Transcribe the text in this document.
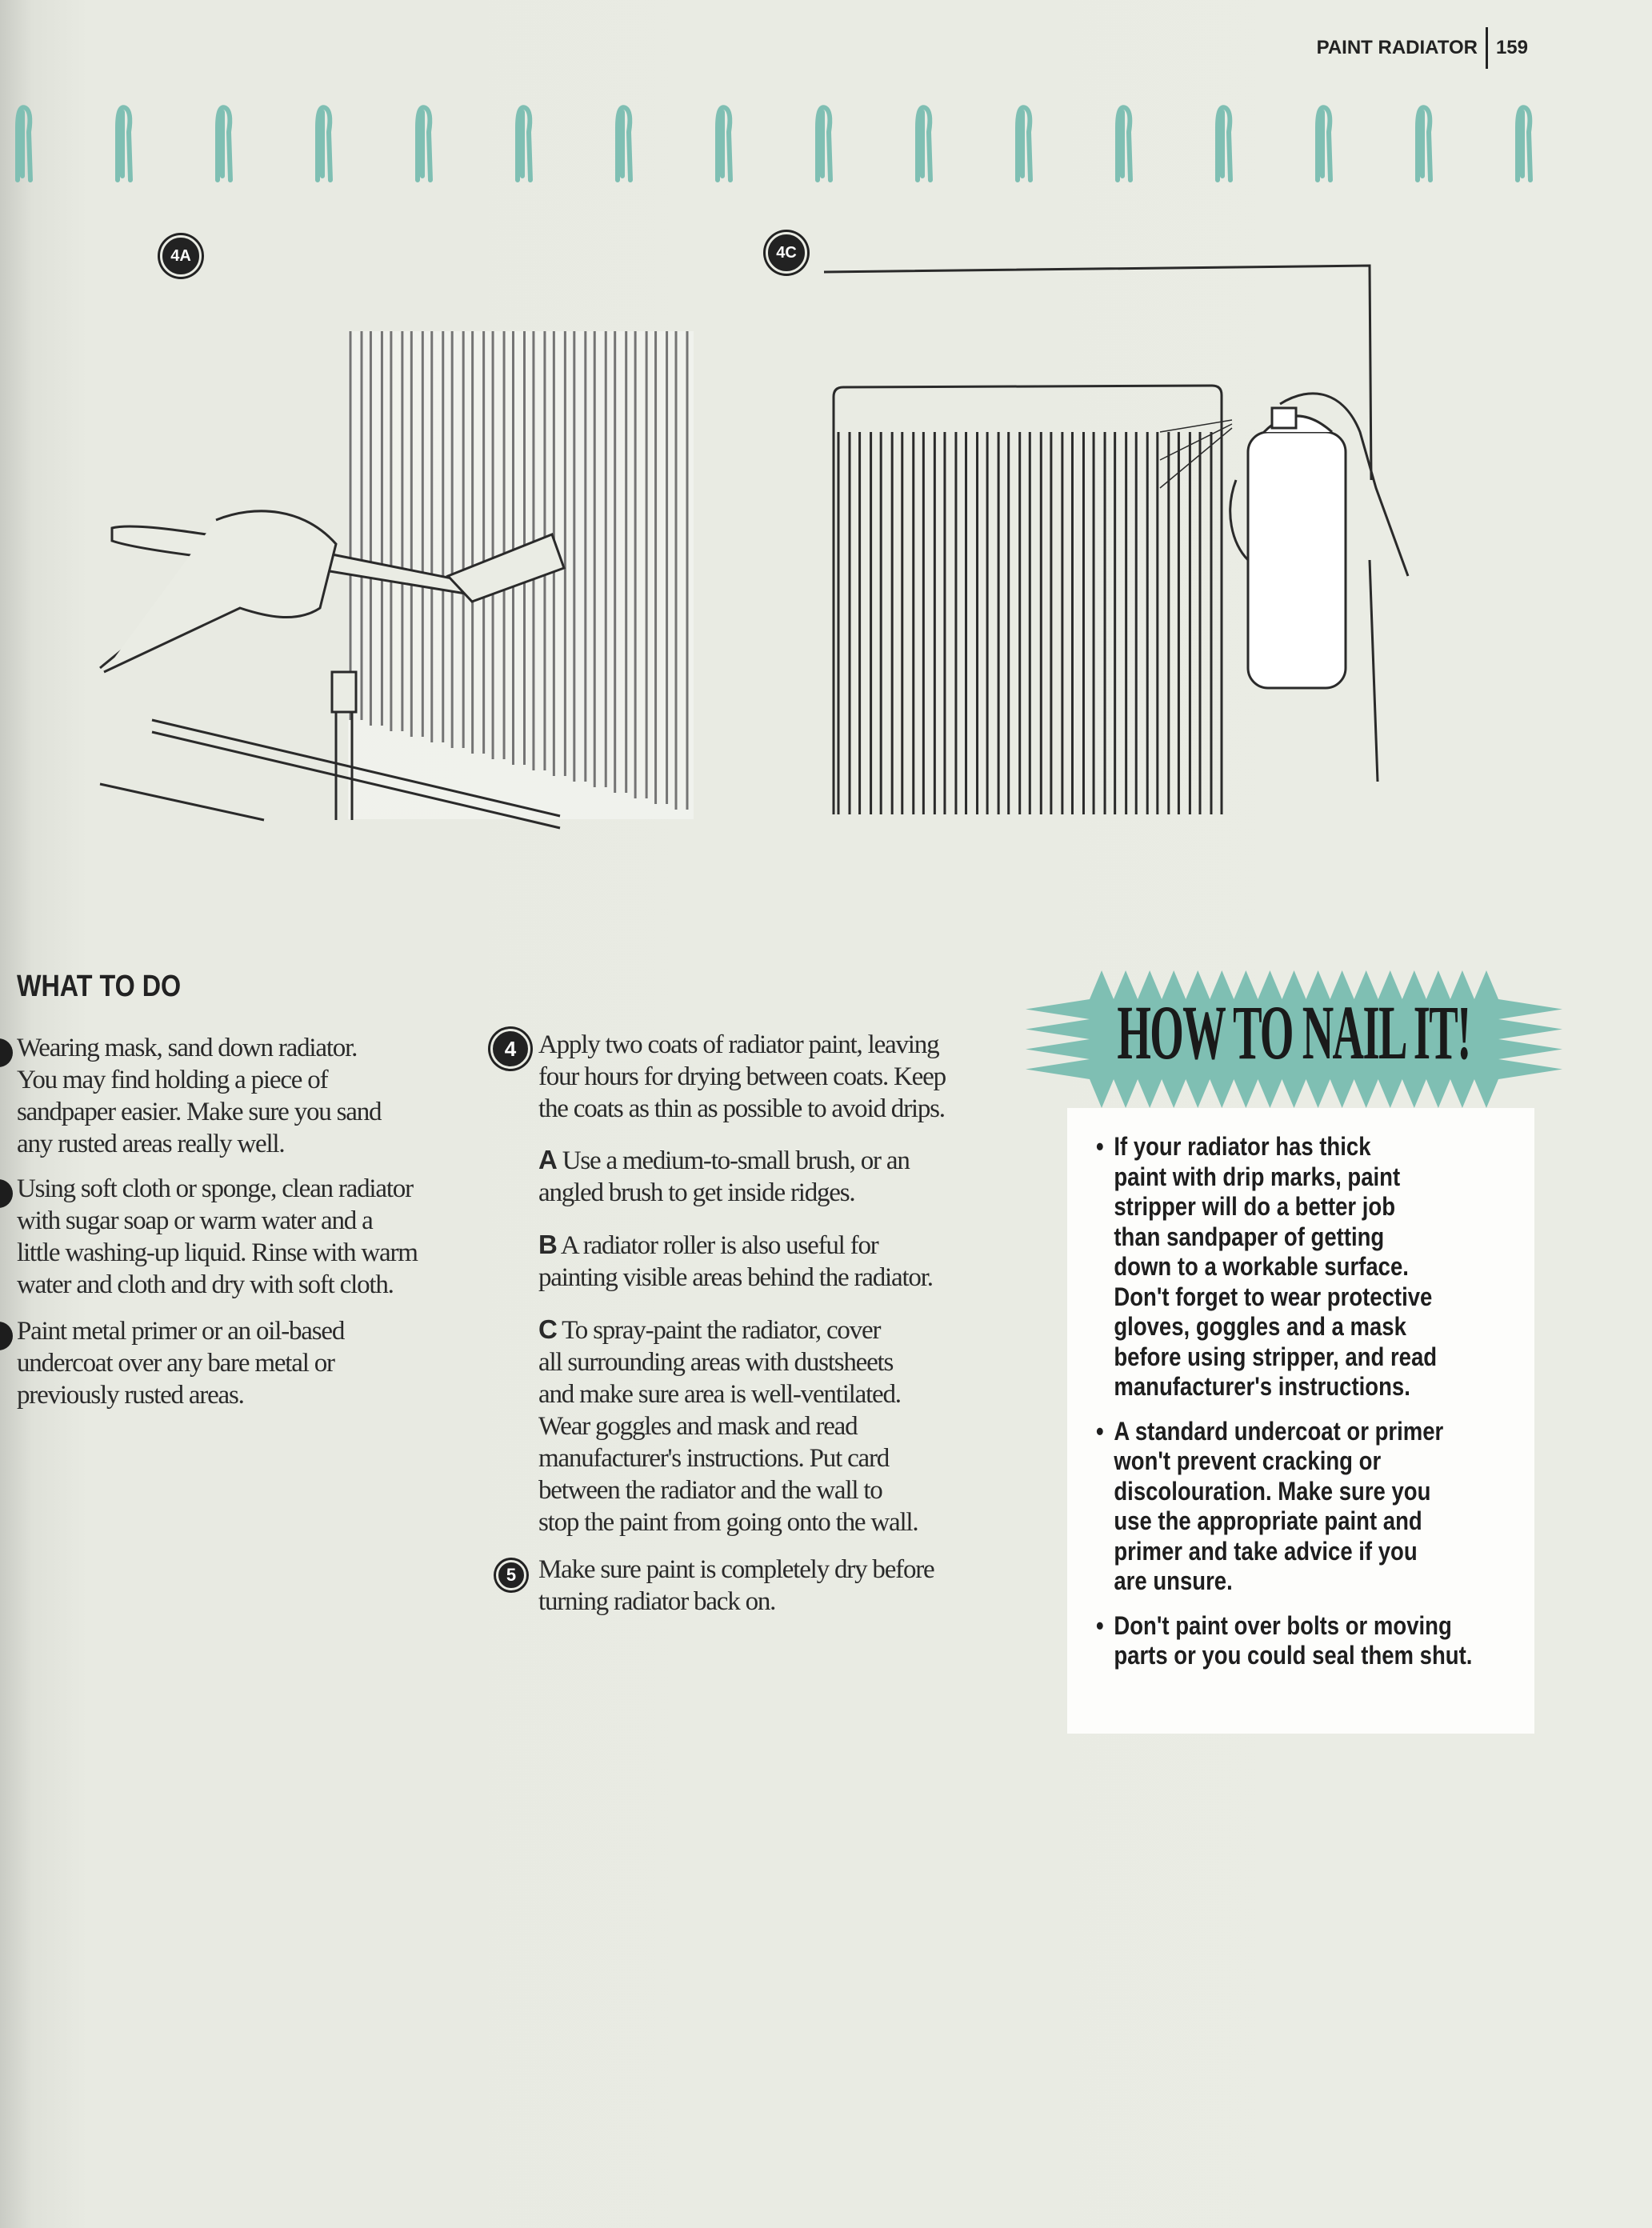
PAINT RADIATOR 159
4A	4C
WHAT TO DO
Wearing mask, sand down radiator.
You may find holding a piece of
sandpaper easier. Make sure you sand
any rusted areas really well.
Using soft cloth or sponge, clean radiator
with sugar soap or warm water and a
little washing-up liquid. Rinse with warm
water and cloth and dry with soft cloth.
Paint metal primer or an oil-based
undercoat over any bare metal or
previously rusted areas.
4 Apply two coats of radiator paint, leaving
four hours for drying between coats. Keep
the coats as thin as possible to avoid drips.
A Use a medium-to-small brush, or an
angled brush to get inside ridges.
B A radiator roller is also useful for
painting visible areas behind the radiator.
C To spray-paint the radiator, cover
all surrounding areas with dustsheets
and make sure area is well-ventilated.
Wear goggles and mask and read
manufacturer's instructions. Put card
between the radiator and the wall to
stop the paint from going onto the wall.
5 Make sure paint is completely dry before
turning radiator back on.
HOW TO NAIL IT!
• If your radiator has thick
paint with drip marks, paint
stripper will do a better job
than sandpaper of getting
down to a workable surface.
Don't forget to wear protective
gloves, goggles and a mask
before using stripper, and read
manufacturer's instructions.
• A standard undercoat or primer
won't prevent cracking or
discolouration. Make sure you
use the appropriate paint and
primer and take advice if you
are unsure.
• Don't paint over bolts or moving
parts or you could seal them shut.
